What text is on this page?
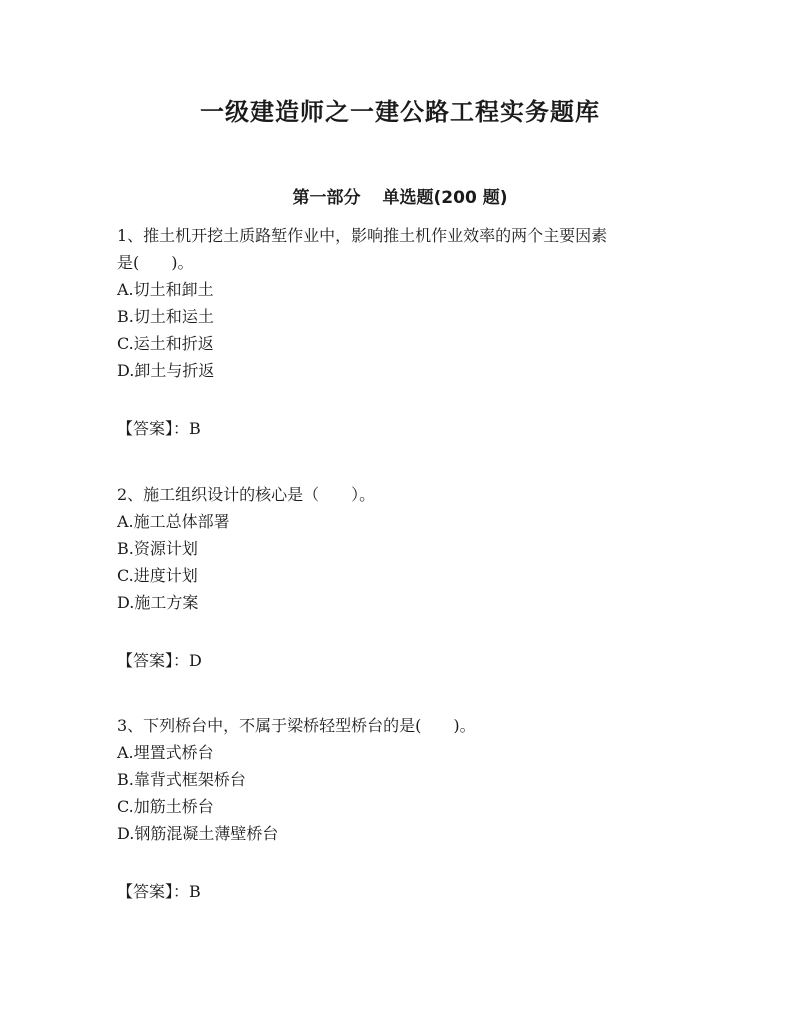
一级建造师之一建公路工程实务题库
第一部分 单选题(200 题)

1、推土机开挖土质路堑作业中，影响推土机作业效率的两个主要因素

是(　　)。

A.切土和卸土

B.切土和运土

C.运土和折返

D.卸土与折返

【答案】：B

2、施工组织设计的核心是（　　）。

A.施工总体部署

B.资源计划

C.进度计划

D.施工方案

【答案】：D

3、下列桥台中，不属于梁桥轻型桥台的是(　　)。

A.埋置式桥台

B.靠背式框架桥台

C.加筋土桥台

D.钢筋混凝土薄壁桥台

【答案】：B
